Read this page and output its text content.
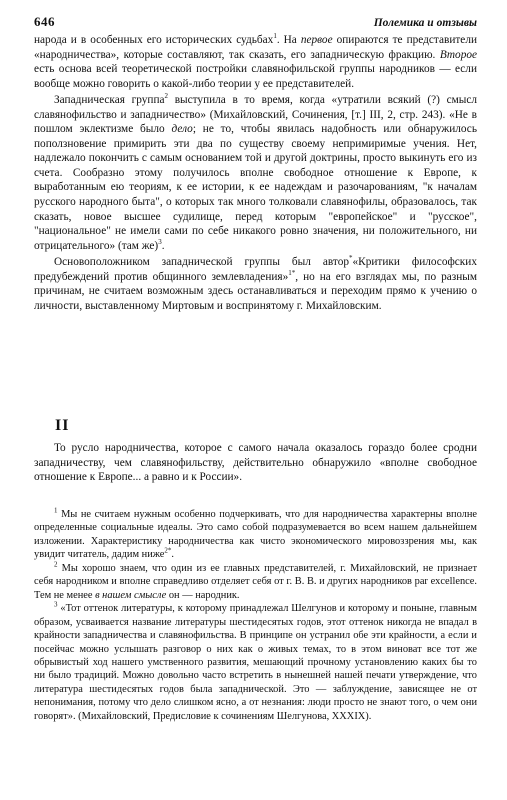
646	Полемика и отзывы

народа и в особенных его исторических судьбах$^1$. На первое опираются те представители «народничества», которые составляют, так сказать, его западническую фракцию. Второе есть основа всей теоретической постройки славянофильской группы народников — если вообще можно говорить о какой-либо теории у ее представителей.

Западническая группа$^2$ выступила в то время, когда «утратили всякий (?) смысл славянофильство и западничество» (Михайловский, Сочинения, [т.] III, 2, стр. 243). «Не в пошлом эклектизме было дело; не то, чтобы явилась надобность или обнаружилось поползновение примирить эти два по существу своему непримиримые учения. Нет, надлежало покончить с самым основанием той и другой доктрины, просто выкинуть его из счета. Сообразно этому получилось вполне свободное отношение к Европе, к выработанным ею теориям, к ее истории, к ее надеждам и разочарованиям, "к началам русского народного быта", о которых так много толковали славянофилы, образовалось, так сказать, новое высшее судилище, перед которым "европейское" и "русское", "национальное" не имели сами по себе никакого ровно значения, ни положительного, ни отрицательного» (там же)$^3$.

Основоположником западнической группы был автор*«Критики философских предубеждений против общинного землевладения»$^{1*}$, но на его взглядах мы, по разным причинам, не считаем возможным здесь останавливаться и переходим прямо к учению о личности, выставленному Миртовым и воспринятому г. Михайловским.

II

То русло народничества, которое с самого начала оказалось гораздо более сродни западничеству, чем славянофильству, действительно обнаружило «вполне свободное отношение к Европе... а равно и к России».

$^1$ Мы не считаем нужным особенно подчеркивать, что для народничества характерны вполне определенные социальные идеалы. Это само собой подразумевается во всем нашем дальнейшем изложении. Характеристику народничества как чисто экономического мировоззрения мы, как увидит читатель, дадим ниже$^{2*}$.

$^2$ Мы хорошо знаем, что один из ее главных представителей, г. Михайловский, не признает себя народником и вполне справедливо отделяет себя от г. В. В. и других народников par excellence. Тем не менее в нашем смысле он — народник.

$^3$ «Тот оттенок литературы, к которому принадлежал Шелгунов и которому и поныне, главным образом, усваивается название литературы шестидесятых годов, этот оттенок никогда не впадал в крайности западничества и славянофильства. В принципе он устранил обе эти крайности, а если и посейчас можно услышать разговор о них как о живых темах, то в этом виноват все тот же обрывистый ход нашего умственного развития, мешающий прочному установлению каких бы то ни было традиций. Можно довольно часто встретить в нынешней нашей печати утверждение, что литература шестидесятых годов была западнической. Это — заблуждение, зависящее не от непонимания, потому что дело слишком ясно, а от незнания: люди просто не знают того, о чем они говорят». (Михайловский, Предисловие к сочинениям Шелгунова, XXXIX).
